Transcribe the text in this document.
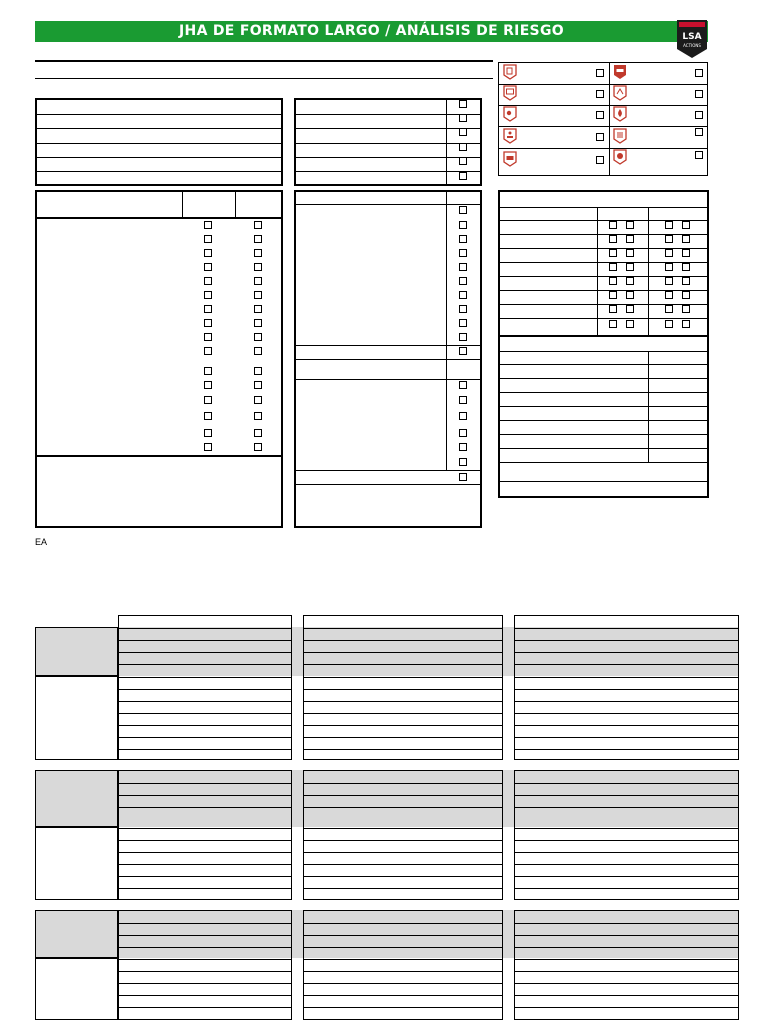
JHA DE FORMATO LARGO / ANÁLISIS DE RIESGO	LSA
ACTIONS
EA
